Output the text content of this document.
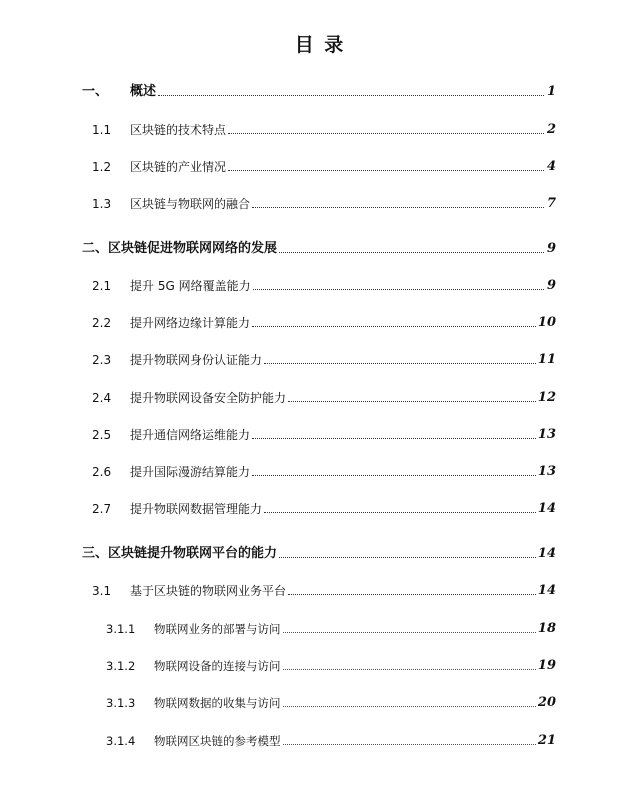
目 录
一、	概述	1
1.1	区块链的技术特点	2
1.2	区块链的产业情况	4
1.3	区块链与物联网的融合	7
二、 区块链促进物联网网络的发展	9
2.1	提升 5G 网络覆盖能力	9
2.2	提升网络边缘计算能力	10
2.3	提升物联网身份认证能力	11
2.4	提升物联网设备安全防护能力	12
2.5	提升通信网络运维能力	13
2.6	提升国际漫游结算能力	13
2.7	提升物联网数据管理能力	14
三、 区块链提升物联网平台的能力	14
3.1	基于区块链的物联网业务平台	14
3.1.1	物联网业务的部署与访问	18
3.1.2	物联网设备的连接与访问	19
3.1.3	物联网数据的收集与访问	20
3.1.4	物联网区块链的参考模型	21
